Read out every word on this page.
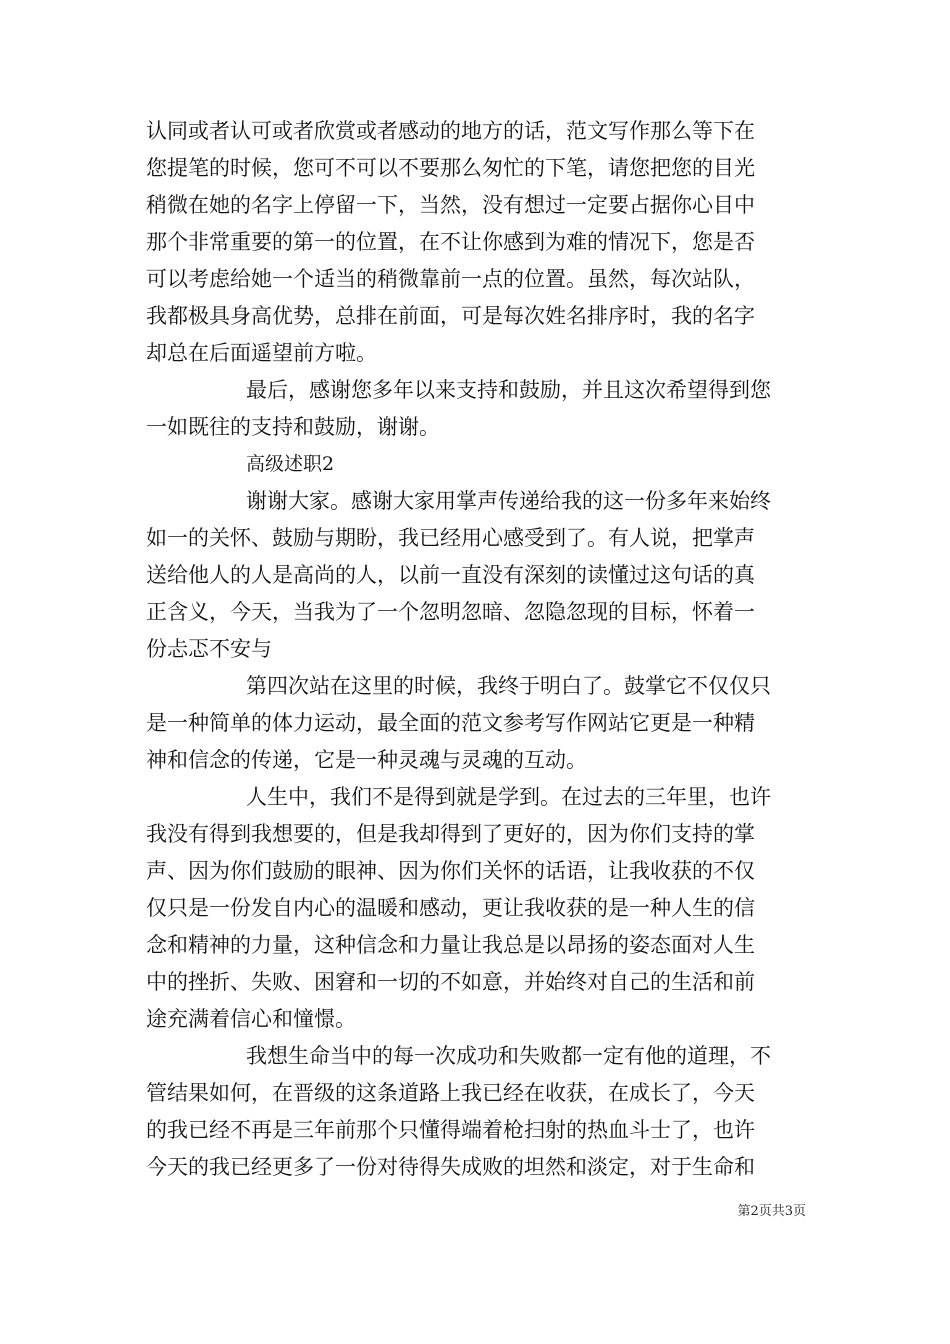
认同或者认可或者欣赏或者感动的地方的话，范文写作那么等下在
您提笔的时候，您可不可以不要那么匆忙的下笔，请您把您的目光
稍微在她的名字上停留一下，当然，没有想过一定要占据你心目中
那个非常重要的第一的位置，在不让你感到为难的情况下，您是否
可以考虑给她一个适当的稍微靠前一点的位置。虽然，每次站队，
我都极具身高优势，总排在前面，可是每次姓名排序时，我的名字
却总在后面遥望前方啦。
最后，感谢您多年以来支持和鼓励，并且这次希望得到您
一如既往的支持和鼓励，谢谢。
高级述职2
谢谢大家。感谢大家用掌声传递给我的这一份多年来始终
如一的关怀、鼓励与期盼，我已经用心感受到了。有人说，把掌声
送给他人的人是高尚的人，以前一直没有深刻的读懂过这句话的真
正含义，今天，当我为了一个忽明忽暗、忽隐忽现的目标，怀着一
份忐忑不安与
第四次站在这里的时候，我终于明白了。鼓掌它不仅仅只
是一种简单的体力运动，最全面的范文参考写作网站它更是一种精
神和信念的传递，它是一种灵魂与灵魂的互动。
人生中，我们不是得到就是学到。在过去的三年里，也许
我没有得到我想要的，但是我却得到了更好的，因为你们支持的掌
声、因为你们鼓励的眼神、因为你们关怀的话语，让我收获的不仅
仅只是一份发自内心的温暖和感动，更让我收获的是一种人生的信
念和精神的力量，这种信念和力量让我总是以昂扬的姿态面对人生
中的挫折、失败、困窘和一切的不如意，并始终对自己的生活和前
途充满着信心和憧憬。
我想生命当中的每一次成功和失败都一定有他的道理，不
管结果如何，在晋级的这条道路上我已经在收获，在成长了，今天
的我已经不再是三年前那个只懂得端着枪扫射的热血斗士了，也许
今天的我已经更多了一份对待得失成败的坦然和淡定，对于生命和
第2页共3页
